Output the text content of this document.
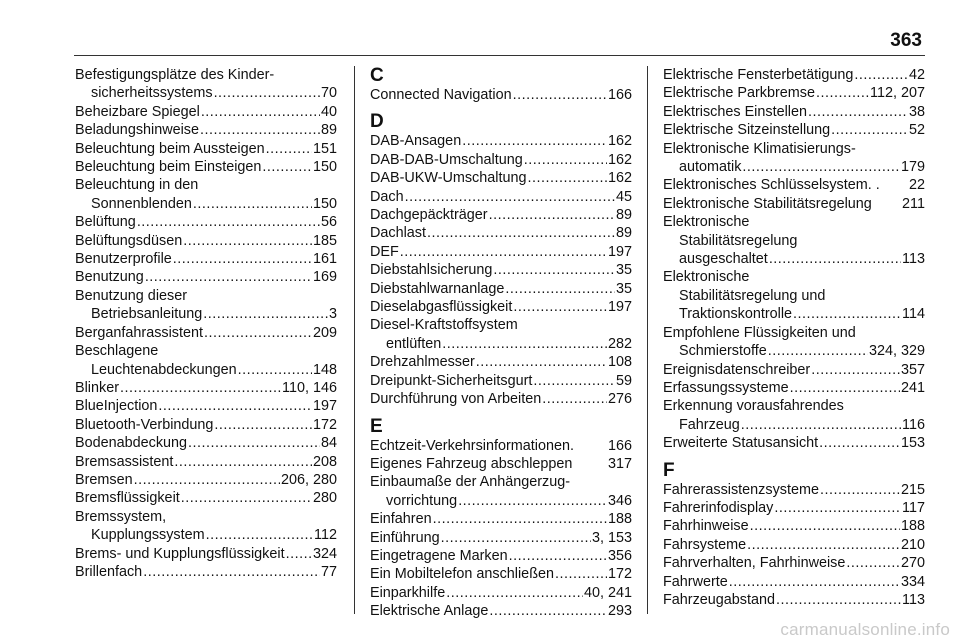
363
Befestigungsplätze des Kinder-
sicherheitssystems .....	70
Beheizbare Spiegel .....	40
Beladungshinweise .....	89
Beleuchtung beim Aussteigen .....	151
Beleuchtung beim Einsteigen .....	150
Beleuchtung in den
Sonnenblenden .....	150
Belüftung .....	56
Belüftungsdüsen .....	185
Benutzerprofile .....	161
Benutzung .....	169
Benutzung dieser
Betriebsanleitung .....	3
Berganfahrassistent .....	209
Beschlagene
Leuchtenabdeckungen .....	148
Blinker .....	110, 146
BlueInjection .....	197
Bluetooth-Verbindung .....	172
Bodenabdeckung .....	84
Bremsassistent .....	208
Bremsen .....	206, 280
Bremsflüssigkeit .....	280
Bremssystem,
Kupplungssystem .....	112
Brems- und Kupplungsflüssigkeit ..... 324
Brillenfach .....	77
C
Connected Navigation .....	166
D
DAB-Ansagen .....	162
DAB-DAB-Umschaltung .....	162
DAB-UKW-Umschaltung .....	162
Dach .....	45
Dachgepäckträger .....	89
Dachlast .....	89
DEF .....	197
Diebstahlsicherung .....	35
Diebstahlwarnanlage .....	35
Dieselabgasflüssigkeit .....	197
Diesel-Kraftstoffsystem
entlüften .....	282
Drehzahlmesser .....	108
Dreipunkt-Sicherheitsgurt .....	59
Durchführung von Arbeiten .....	276
E
Echtzeit-Verkehrsinformationen. 166
Eigenes Fahrzeug abschleppen 317
Einbaumaße der Anhängerzug-
vorrichtung .....	346
Einfahren .....	188
Einführung .....	3, 153
Eingetragene Marken .....	356
Ein Mobiltelefon anschließen .....	172
Einparkhilfe .....	40, 241
Elektrische Anlage .....	293
Elektrische Fensterbetätigung .....	42
Elektrische Parkbremse .....	112, 207
Elektrisches Einstellen .....	38
Elektrische Sitzeinstellung .....	52
Elektronische Klimatisierungs-
automatik .....	179
Elektronisches Schlüsselsystem. . 22
Elektronische Stabilitätsregelung 211
Elektronische
Stabilitätsregelung
ausgeschaltet .....	113
Elektronische
Stabilitätsregelung und
Traktionskontrolle .....	114
Empfohlene Flüssigkeiten und
Schmierstoffe .....	324, 329
Ereignisdatenschreiber .....	357
Erfassungssysteme .....	241
Erkennung vorausfahrendes
Fahrzeug .....	116
Erweiterte Statusansicht .....	153
F
Fahrerassistenzsysteme .....	215
Fahrerinfodisplay .....	117
Fahrhinweise .....	188
Fahrsysteme .....	210
Fahrverhalten, Fahrhinweise .....	270
Fahrwerte .....	334
Fahrzeugabstand .....	113
carmanualsonline.info
